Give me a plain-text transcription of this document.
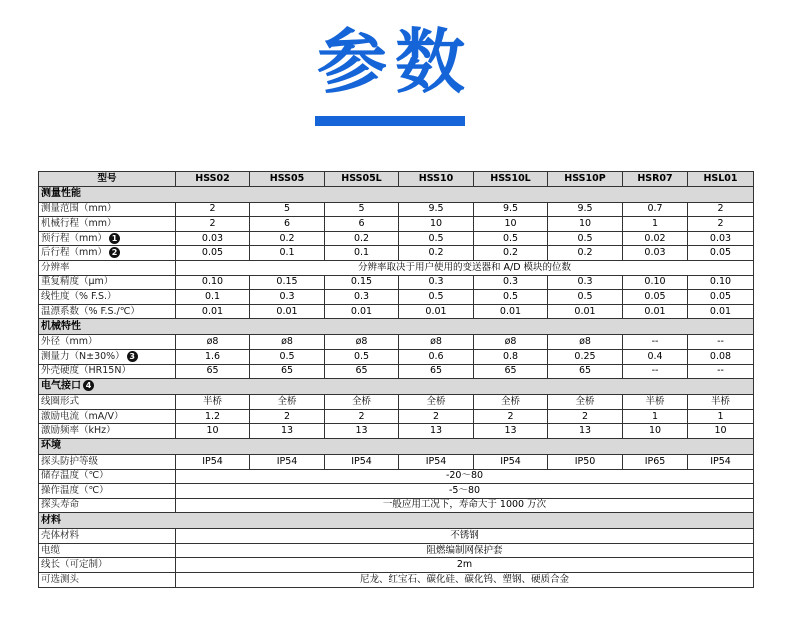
参数
型号	HSS02	HSS05	HSS05L	HSS10	HSS10L	HSS10P	HSR07	HSL01
测量性能								
测量范围（mm）	2	5	5	9.5	9.5	9.5	0.7	2
机械行程（mm）	2	6	6	10	10	10	1	2
预行程（mm） 1	0.03	0.2	0.2	0.5	0.5	0.5	0.02	0.03
后行程（mm） 2	0.05	0.1	0.1	0.2	0.2	0.2	0.03	0.05
分辨率	分辨率取决于用户使用的变送器和 A/D 模块的位数							
重复精度（µm）	0.10	0.15	0.15	0.3	0.3	0.3	0.10	0.10
线性度（% F.S.）	0.1	0.3	0.3	0.5	0.5	0.5	0.05	0.05
温漂系数（% F.S./℃）	0.01	0.01	0.01	0.01	0.01	0.01	0.01	0.01
机械特性								
外径（mm）	ø8	ø8	ø8	ø8	ø8	ø8	--	--
测量力（N±30%） 3	1.6	0.5	0.5	0.6	0.8	0.25	0.4	0.08
外壳硬度（HR15N）	65	65	65	65	65	65	--	--
电气接口 4								
线圈形式	半桥	全桥	全桥	全桥	全桥	全桥	半桥	半桥
激励电流（mA/V）	1.2	2	2	2	2	2	1	1
激励频率（kHz）	10	13	13	13	13	13	10	10
环境								
探头防护等级	IP54	IP54	IP54	IP54	IP54	IP50	IP65	IP54
储存温度（℃）	-20～80							
操作温度（℃）	-5～80							
探头寿命	一般应用工况下，寿命大于 1000 万次							
材料								
壳体材料	不锈钢							
电缆	阻燃编制网保护套							
线长（可定制）	2m							
可选测头	尼龙、红宝石、碳化硅、碳化钨、塑钢、硬质合金							
